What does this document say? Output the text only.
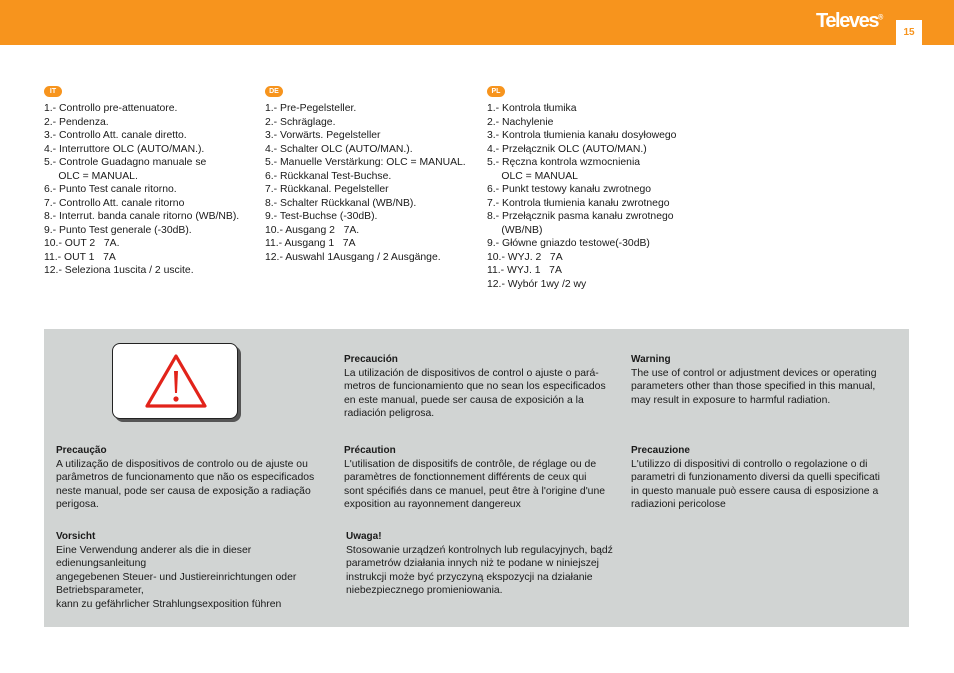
Televes®
15
IT
1.- Controllo pre-attenuatore.
2.- Pendenza.
3.- Controllo Att. canale diretto.
4.- Interruttore OLC (AUTO/MAN.).
5.- Controle Guadagno manuale se
OLC = MANUAL.
6.- Punto Test canale ritorno.
7.- Controllo Att. canale ritorno
8.- Interrut. banda canale ritorno (WB/NB).
9.- Punto Test generale (-30dB).
10.- OUT 2   7A.
11.- OUT 1   7A
12.- Seleziona 1uscita / 2 uscite.
DE
1.- Pre-Pegelsteller.
2.- Schräglage.
3.- Vorwärts. Pegelsteller
4.- Schalter OLC (AUTO/MAN.).
5.- Manuelle Verstärkung: OLC = MANUAL.
6.- Rückkanal Test-Buchse.
7.- Rückkanal. Pegelsteller
8.- Schalter Rückkanal (WB/NB).
9.- Test-Buchse (-30dB).
10.- Ausgang 2   7A.
11.- Ausgang 1   7A
12.- Auswahl 1Ausgang / 2 Ausgänge.
PL
1.- Kontrola tłumika
2.- Nachylenie
3.- Kontrola tłumienia kanału dosyłowego
4.- Przełącznik OLC (AUTO/MAN.)
5.- Ręczna kontrola wzmocnienia
OLC = MANUAL
6.- Punkt testowy kanału zwrotnego
7.- Kontrola tłumienia kanału zwrotnego
8.- Przełącznik pasma kanału zwrotnego
(WB/NB)
9.- Główne gniazdo testowe(-30dB)
10.- WYJ. 2   7A
11.- WYJ. 1   7A
12.- Wybór 1wy /2 wy
Precaución

La utilización de dispositivos de control o ajuste o pará-
metros de funcionamiento que no sean los especificados
en este manual, puede ser causa de exposición a la
radiación peligrosa.

Warning

The use of control or adjustment devices or operating
parameters other than those specified in this manual,
may result in exposure to harmful radiation.

Precaução

A utilização de dispositivos de controlo ou de ajuste ou
parâmetros de funcionamento que não os especificados
neste manual, pode ser causa de exposição a radiação
perigosa.

Précaution

L'utilisation de dispositifs de contrôle, de réglage ou de
paramètres de fonctionnement différents de ceux qui
sont spécifiés dans ce manuel, peut être à l'origine d'une
exposition au rayonnement dangereux

Precauzione

L'utilizzo di dispositivi di controllo o regolazione o di
parametri di funzionamento diversi da quelli specificati
in questo manuale può essere causa di esposizione a
radiazioni pericolose

Vorsicht

Eine Verwendung anderer als die in dieser
edienungsanleitung
angegebenen Steuer- und Justiereinrichtungen oder
Betriebsparameter,
kann zu gefährlicher Strahlungsexposition führen

Uwaga!

Stosowanie urządzeń kontrolnych lub regulacyjnych, bądź
parametrów działania innych niż te podane w niniejszej
instrukcji może być przyczyną ekspozycji na działanie
niebezpiecznego promieniowania.
